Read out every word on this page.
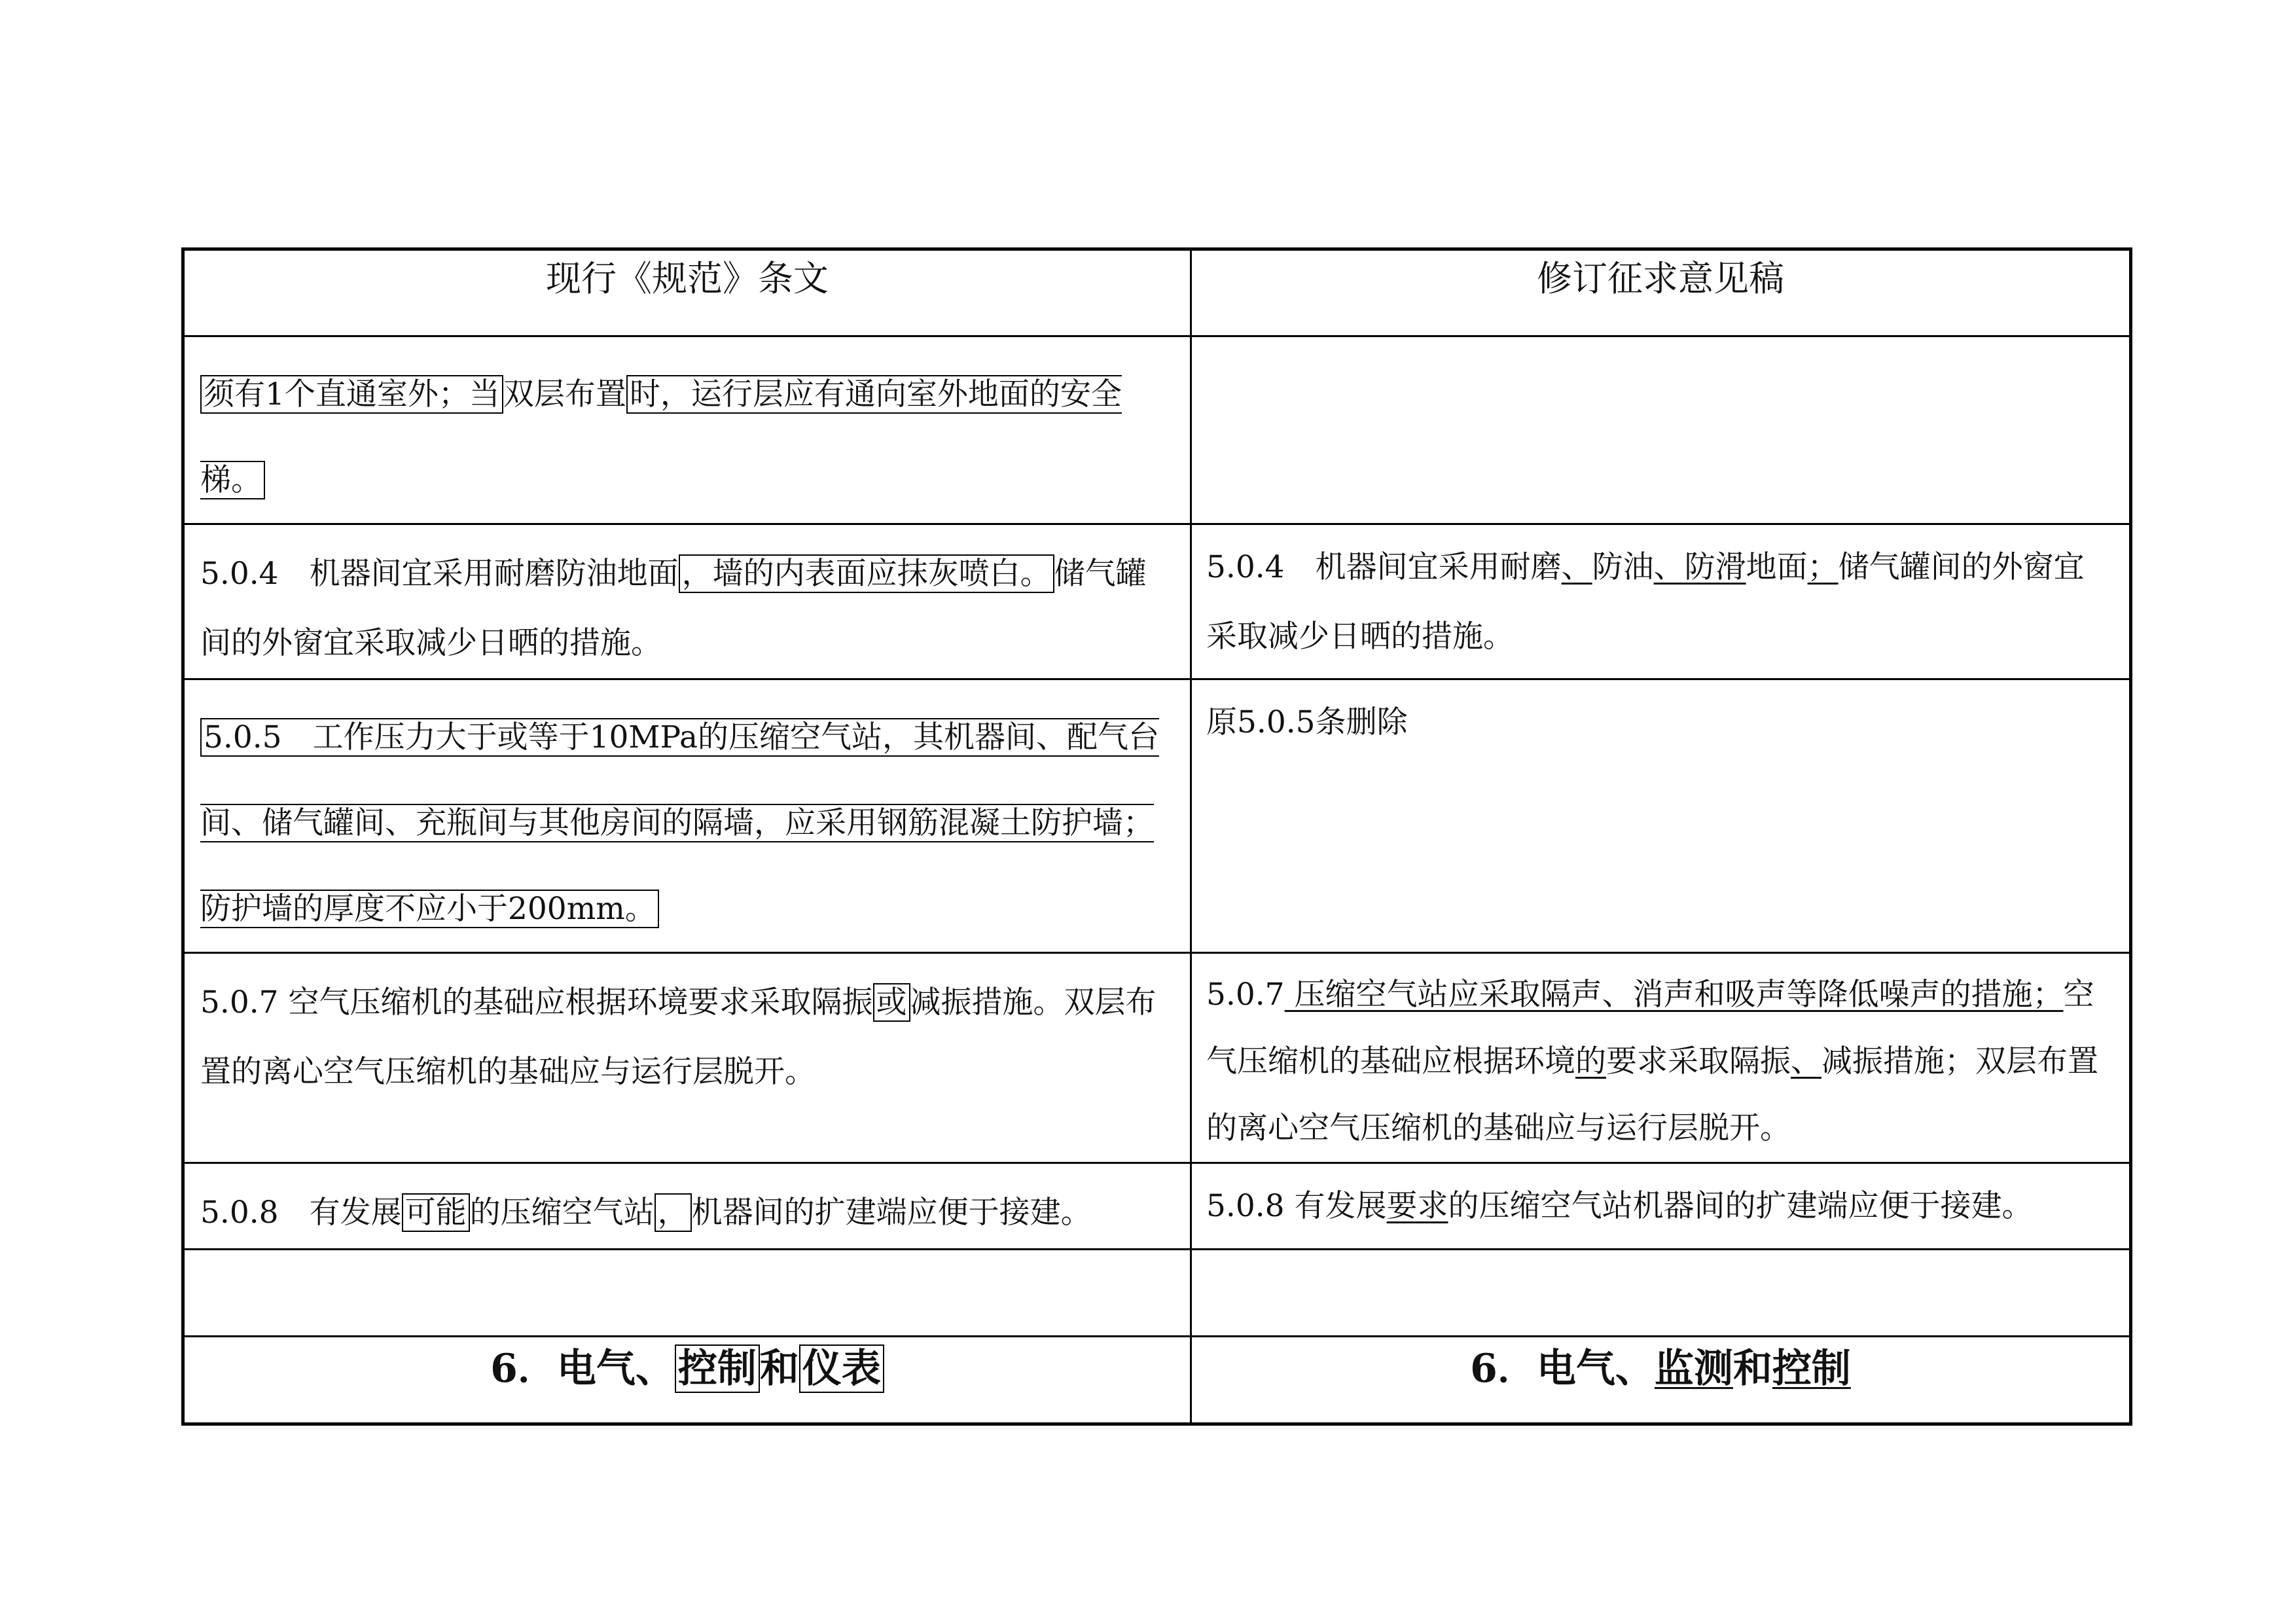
现行《规范》条文	修订征求意见稿

须有1个直通室外；当 双层布置 时，运行层应有通向室外地面的安全梯。	

5.0.4　机器间宜采用耐磨防油地面 ，墙的内表面应抹灰喷白。 储气罐间的外窗宜采取减少日晒的措施。	5.0.4　机器间宜采用耐磨、防油、防滑地面；储气罐间的外窗宜采取减少日晒的措施。

5.0.5　工作压力大于或等于10MPa的压缩空气站，其机器间、配气台间、储气罐间、充瓶间与其他房间的隔墙，应采用钢筋混凝土防护墙；防护墙的厚度不应小于200mm。	原5.0.5条删除

5.0.7 空气压缩机的基础应根据环境要求采取隔振 或 减振措施。双层布置的离心空气压缩机的基础应与运行层脱开。	5.0.7 压缩空气站应采取隔声、消声和吸声等降低噪声的措施；空气压缩机的基础应根据环境的要求采取隔振、减振措施；双层布置的离心空气压缩机的基础应与运行层脱开。

5.0.8　有发展 可能 的压缩空气站 ， 机器间的扩建端应便于接建。	5.0.8 有发展要求的压缩空气站机器间的扩建端应便于接建。

6．电气、控制和仪表	6．电气、监测和控制
